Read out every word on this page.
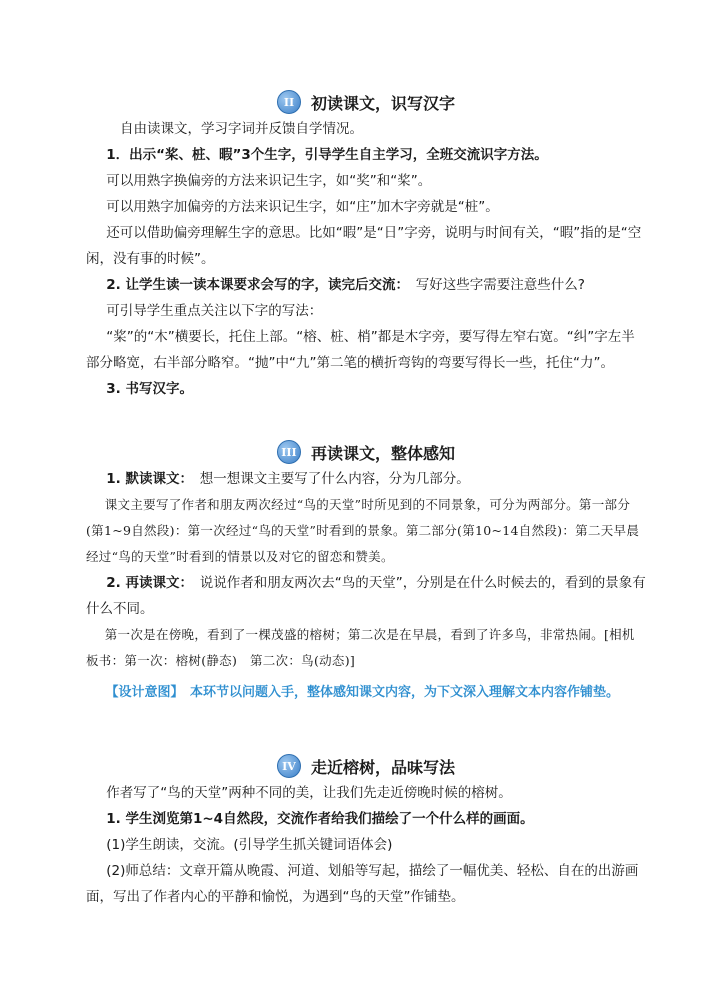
II	初读课文，识写汉字

自由读课文，学习字词并反馈自学情况。

1．出示“桨、桩、暇”3个生字，引导学生自主学习，全班交流识字方法。

可以用熟字换偏旁的方法来识记生字，如“奖”和“桨”。

可以用熟字加偏旁的方法来识记生字，如“庄”加木字旁就是“桩”。

还可以借助偏旁理解生字的意思。比如“暇”是“日”字旁，说明与时间有关，“暇”指的是“空闲，没有事的时候”。

2. 让学生读一读本课要求会写的字，读完后交流：　 写好这些字需要注意些什么?

可引导学生重点关注以下字的写法：

“桨”的“木”横要长，托住上部。“榕、桩、梢”都是木字旁，要写得左窄右宽。“纠”字左半部分略宽，右半部分略窄。“抛”中“九”第二笔的横折弯钩的弯要写得长一些，托住“力”。

3. 书写汉字。

III 再读课文，整体感知

1. 默读课文：　 想一想课文主要写了什么内容，分为几部分。

课文主要写了作者和朋友两次经过“鸟的天堂”时所见到的不同景象，可分为两部分。第一部分(第1~9自然段)：第一次经过“鸟的天堂”时看到的景象。第二部分(第10~14自然段)：第二天早晨经过“鸟的天堂”时看到的情景以及对它的留恋和赞美。

2. 再读课文：　 说说作者和朋友两次去“鸟的天堂”，分别是在什么时候去的，看到的景象有什么不同。

第一次是在傍晚，看到了一棵茂盛的榕树；第二次是在早晨，看到了许多鸟，非常热闹。[相机板书：第一次：榕树(静态)　第二次：鸟(动态)]

【设计意图】　 本环节以问题入手，整体感知课文内容，为下文深入理解文本内容作铺垫。

IV 走近榕树，品味写法

作者写了“鸟的天堂”两种不同的美，让我们先走近傍晚时候的榕树。

1. 学生浏览第1~4自然段，交流作者给我们描绘了一个什么样的画面。

(1)学生朗读，交流。(引导学生抓关键词语体会)

(2)师总结：文章开篇从晚霞、河道、划船等写起，描绘了一幅优美、轻松、自在的出游画面，写出了作者内心的平静和愉悦，为遇到“鸟的天堂”作铺垫。
